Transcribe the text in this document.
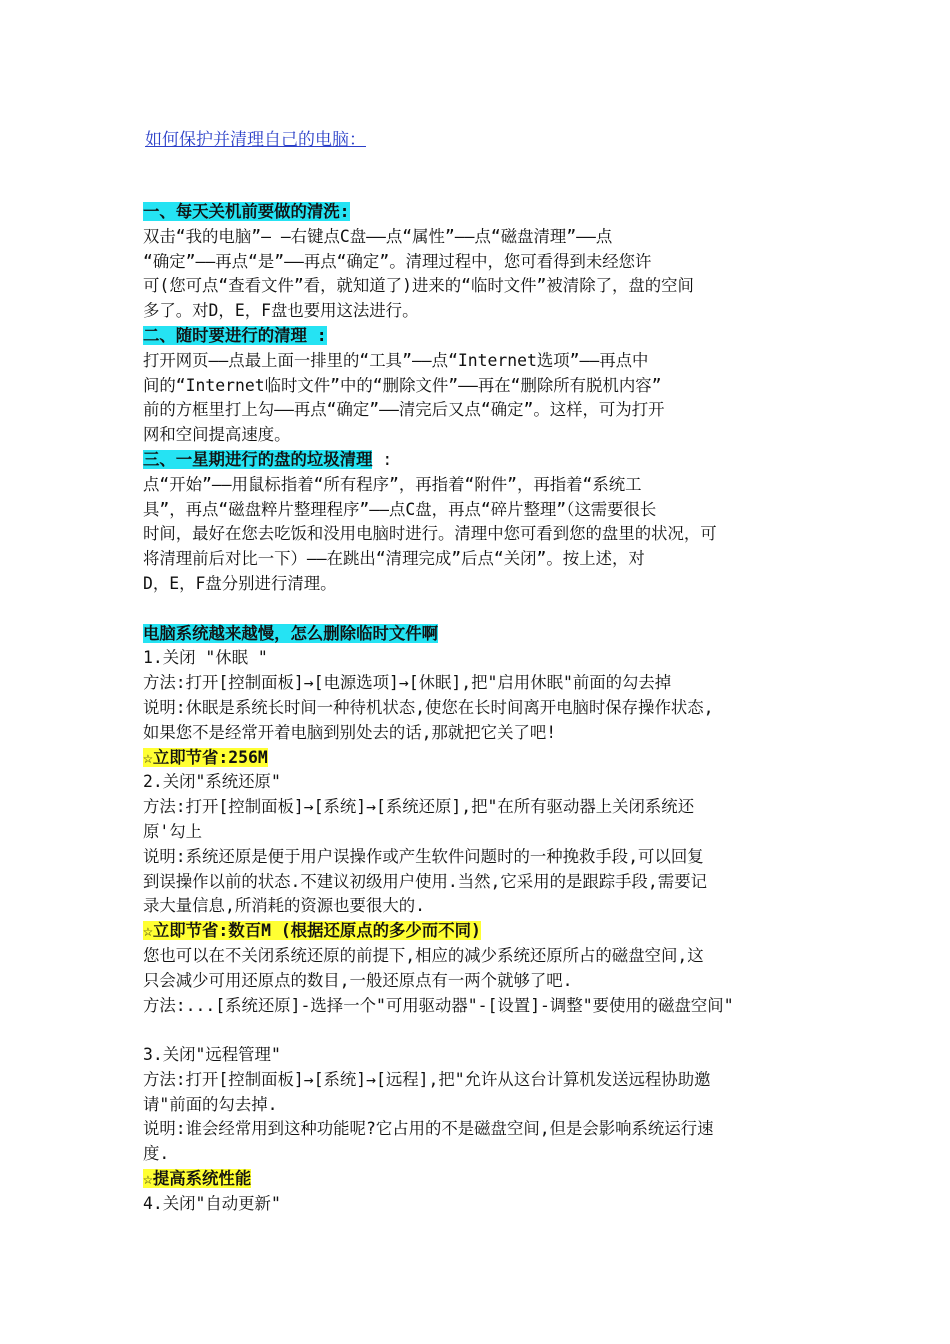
如何保护并清理自己的电脑：
一、每天关机前要做的清洗:
双击“我的电脑”— —右键点C盘——点“属性”——点“磁盘清理”——点
“确定”——再点“是”——再点“确定”。清理过程中，您可看得到未经您许
可(您可点“查看文件”看，就知道了)进来的“临时文件”被清除了，盘的空间
多了。对D，E，F盘也要用这法进行。
二、随时要进行的清理 :
打开网页——点最上面一排里的“工具”——点“Internet选项”——再点中
间的“Internet临时文件”中的“删除文件”——再在“删除所有脱机内容”
前的方框里打上勾——再点“确定”——清完后又点“确定”。这样，可为打开
网和空间提高速度。
三、一星期进行的盘的垃圾清理 :
点“开始”——用鼠标指着“所有程序”，再指着“附件”，再指着“系统工
具”，再点“磁盘粹片整理程序”——点C盘，再点“碎片整理”（这需要很长
时间，最好在您去吃饭和没用电脑时进行。清理中您可看到您的盘里的状况，可
将清理前后对比一下）——在跳出“清理完成”后点“关闭”。按上述，对
D，E，F盘分别进行清理。
电脑系统越来越慢，怎么删除临时文件啊
1.关闭 "休眠 "
方法:打开[控制面板]→[电源选项]→[休眠],把"启用休眠"前面的勾去掉
说明:休眠是系统长时间一种待机状态,使您在长时间离开电脑时保存操作状态,
如果您不是经常开着电脑到别处去的话,那就把它关了吧!
☆立即节省:256M
2.关闭"系统还原"
方法:打开[控制面板]→[系统]→[系统还原],把"在所有驱动器上关闭系统还
原'勾上
说明:系统还原是便于用户误操作或产生软件问题时的一种挽救手段,可以回复
到误操作以前的状态.不建议初级用户使用.当然,它采用的是跟踪手段,需要记
录大量信息,所消耗的资源也要很大的.
☆立即节省:数百M (根据还原点的多少而不同)
您也可以在不关闭系统还原的前提下,相应的减少系统还原所占的磁盘空间,这
只会减少可用还原点的数目,一般还原点有一两个就够了吧.
方法:...[系统还原]-选择一个"可用驱动器"-[设置]-调整"要使用的磁盘空间"
3.关闭"远程管理"
方法:打开[控制面板]→[系统]→[远程],把"允许从这台计算机发送远程协助邀
请"前面的勾去掉.
说明:谁会经常用到这种功能呢?它占用的不是磁盘空间,但是会影响系统运行速
度.
☆提高系统性能
4.关闭"自动更新"
